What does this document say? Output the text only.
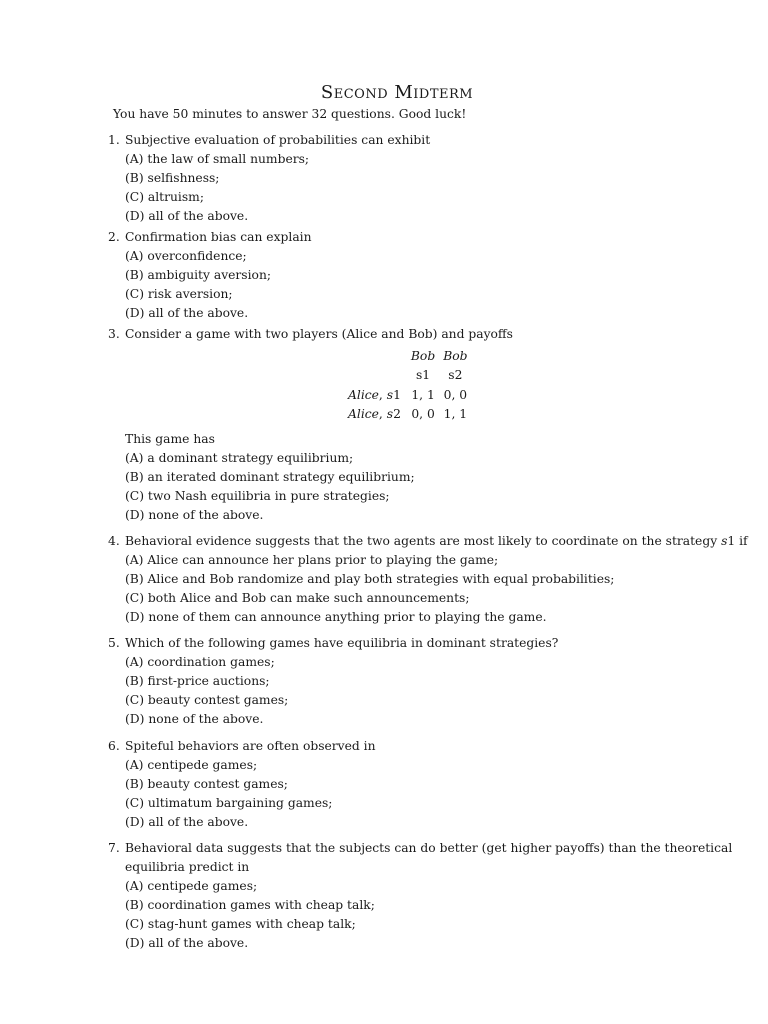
Second Midterm
You have 50 minutes to answer 32 questions. Good luck!
1. Subjective evaluation of probabilities can exhibit
(A) the law of small numbers;
(B) selfishness;
(C) altruism;
(D) all of the above.
2. Confirmation bias can explain
(A) overconfidence;
(B) ambiguity aversion;
(C) risk aversion;
(D) all of the above.
3. Consider a game with two players (Alice and Bob) and payoffs
	Bob	Bob
	s1	s2
Alice, s1	1, 1	0, 0
Alice, s2	0, 0	1, 1
This game has
(A) a dominant strategy equilibrium;
(B) an iterated dominant strategy equilibrium;
(C) two Nash equilibria in pure strategies;
(D) none of the above.
4. Behavioral evidence suggests that the two agents are most likely to coordinate on the strategy s1 if
(A) Alice can announce her plans prior to playing the game;
(B) Alice and Bob randomize and play both strategies with equal probabilities;
(C) both Alice and Bob can make such announcements;
(D) none of them can announce anything prior to playing the game.
5. Which of the following games have equilibria in dominant strategies?
(A) coordination games;
(B) first-price auctions;
(C) beauty contest games;
(D) none of the above.
6. Spiteful behaviors are often observed in
(A) centipede games;
(B) beauty contest games;
(C) ultimatum bargaining games;
(D) all of the above.
7. Behavioral data suggests that the subjects can do better (get higher payoffs) than the theoretical
equilibria predict in
(A) centipede games;
(B) coordination games with cheap talk;
(C) stag-hunt games with cheap talk;
(D) all of the above.
